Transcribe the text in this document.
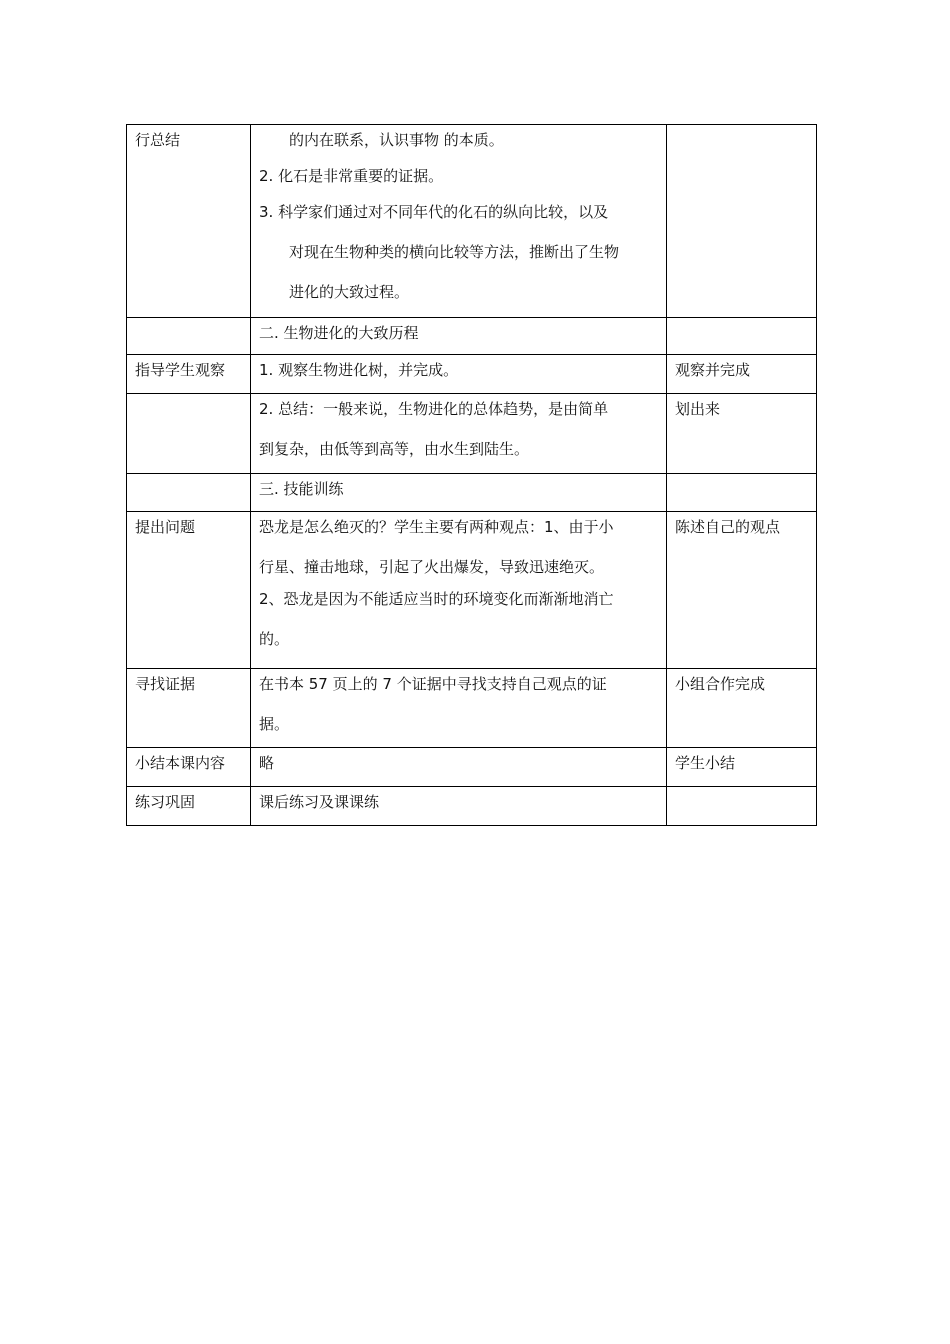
行总结	的内在联系，认识事物 的本质。
2. 化石是非常重要的证据。
3. 科学家们通过对不同年代的化石的纵向比较，以及
对现在生物种类的横向比较等方法，推断出了生物
进化的大致过程。	

	二. 生物进化的大致历程	

指导学生观察	1. 观察生物进化树，并完成。	观察并完成

	2. 总结：一般来说，生物进化的总体趋势，是由简单
到复杂，由低等到高等，由水生到陆生。	划出来

	三. 技能训练	

提出问题	恐龙是怎么绝灭的？学生主要有两种观点：1、由于小
行星、撞击地球，引起了火出爆发，导致迅速绝灭。
2、恐龙是因为不能适应当时的环境变化而渐渐地消亡
的。	陈述自己的观点
寻找证据	在书本 57 页上的 7 个证据中寻找支持自己观点的证
据。	小组合作完成
小结本课内容	略	学生小结
练习巩固	课后练习及课课练	
